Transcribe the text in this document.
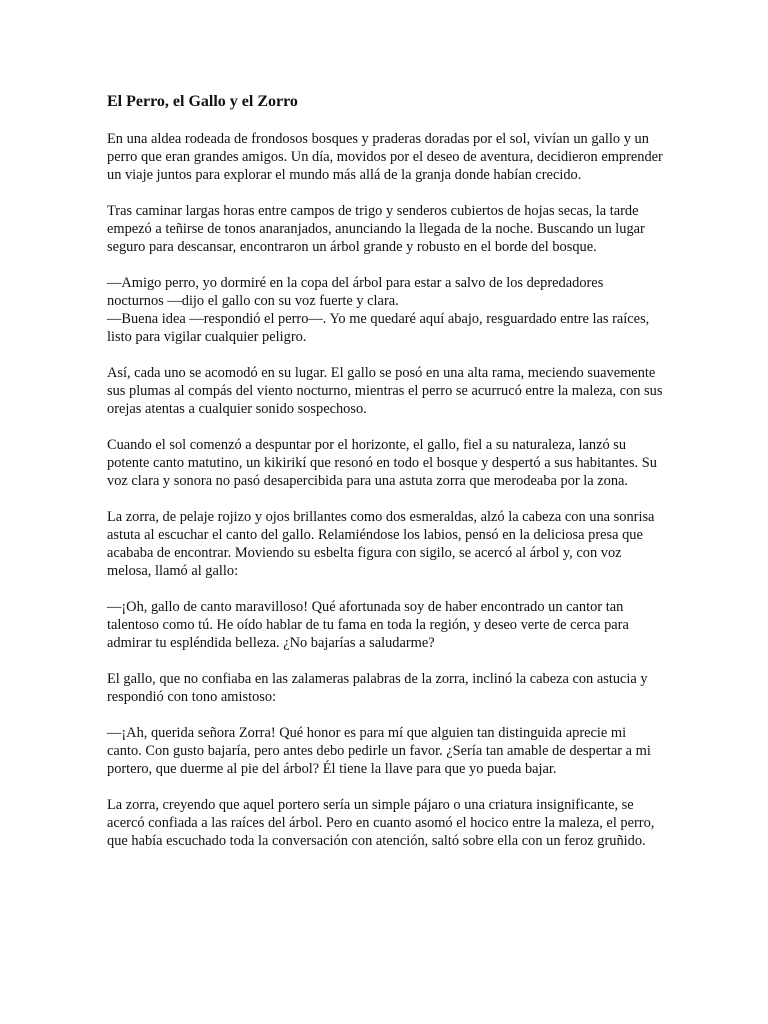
El Perro, el Gallo y el Zorro

En una aldea rodeada de frondosos bosques y praderas doradas por el sol, vivían un gallo y un perro que eran grandes amigos. Un día, movidos por el deseo de aventura, decidieron emprender un viaje juntos para explorar el mundo más allá de la granja donde habían crecido.

Tras caminar largas horas entre campos de trigo y senderos cubiertos de hojas secas, la tarde empezó a teñirse de tonos anaranjados, anunciando la llegada de la noche. Buscando un lugar seguro para descansar, encontraron un árbol grande y robusto en el borde del bosque.

—Amigo perro, yo dormiré en la copa del árbol para estar a salvo de los depredadores nocturnos —dijo el gallo con su voz fuerte y clara.

—Buena idea —respondió el perro—. Yo me quedaré aquí abajo, resguardado entre las raíces, listo para vigilar cualquier peligro.

Así, cada uno se acomodó en su lugar. El gallo se posó en una alta rama, meciendo suavemente sus plumas al compás del viento nocturno, mientras el perro se acurrucó entre la maleza, con sus orejas atentas a cualquier sonido sospechoso.

Cuando el sol comenzó a despuntar por el horizonte, el gallo, fiel a su naturaleza, lanzó su potente canto matutino, un kikirikí que resonó en todo el bosque y despertó a sus habitantes. Su voz clara y sonora no pasó desapercibida para una astuta zorra que merodeaba por la zona.

La zorra, de pelaje rojizo y ojos brillantes como dos esmeraldas, alzó la cabeza con una sonrisa astuta al escuchar el canto del gallo. Relamiéndose los labios, pensó en la deliciosa presa que acababa de encontrar. Moviendo su esbelta figura con sigilo, se acercó al árbol y, con voz melosa, llamó al gallo:

—¡Oh, gallo de canto maravilloso! Qué afortunada soy de haber encontrado un cantor tan talentoso como tú. He oído hablar de tu fama en toda la región, y deseo verte de cerca para admirar tu espléndida belleza. ¿No bajarías a saludarme?

El gallo, que no confiaba en las zalameras palabras de la zorra, inclinó la cabeza con astucia y respondió con tono amistoso:

—¡Ah, querida señora Zorra! Qué honor es para mí que alguien tan distinguida aprecie mi canto. Con gusto bajaría, pero antes debo pedirle un favor. ¿Sería tan amable de despertar a mi portero, que duerme al pie del árbol? Él tiene la llave para que yo pueda bajar.

La zorra, creyendo que aquel portero sería un simple pájaro o una criatura insignificante, se acercó confiada a las raíces del árbol. Pero en cuanto asomó el hocico entre la maleza, el perro, que había escuchado toda la conversación con atención, saltó sobre ella con un feroz gruñido.
